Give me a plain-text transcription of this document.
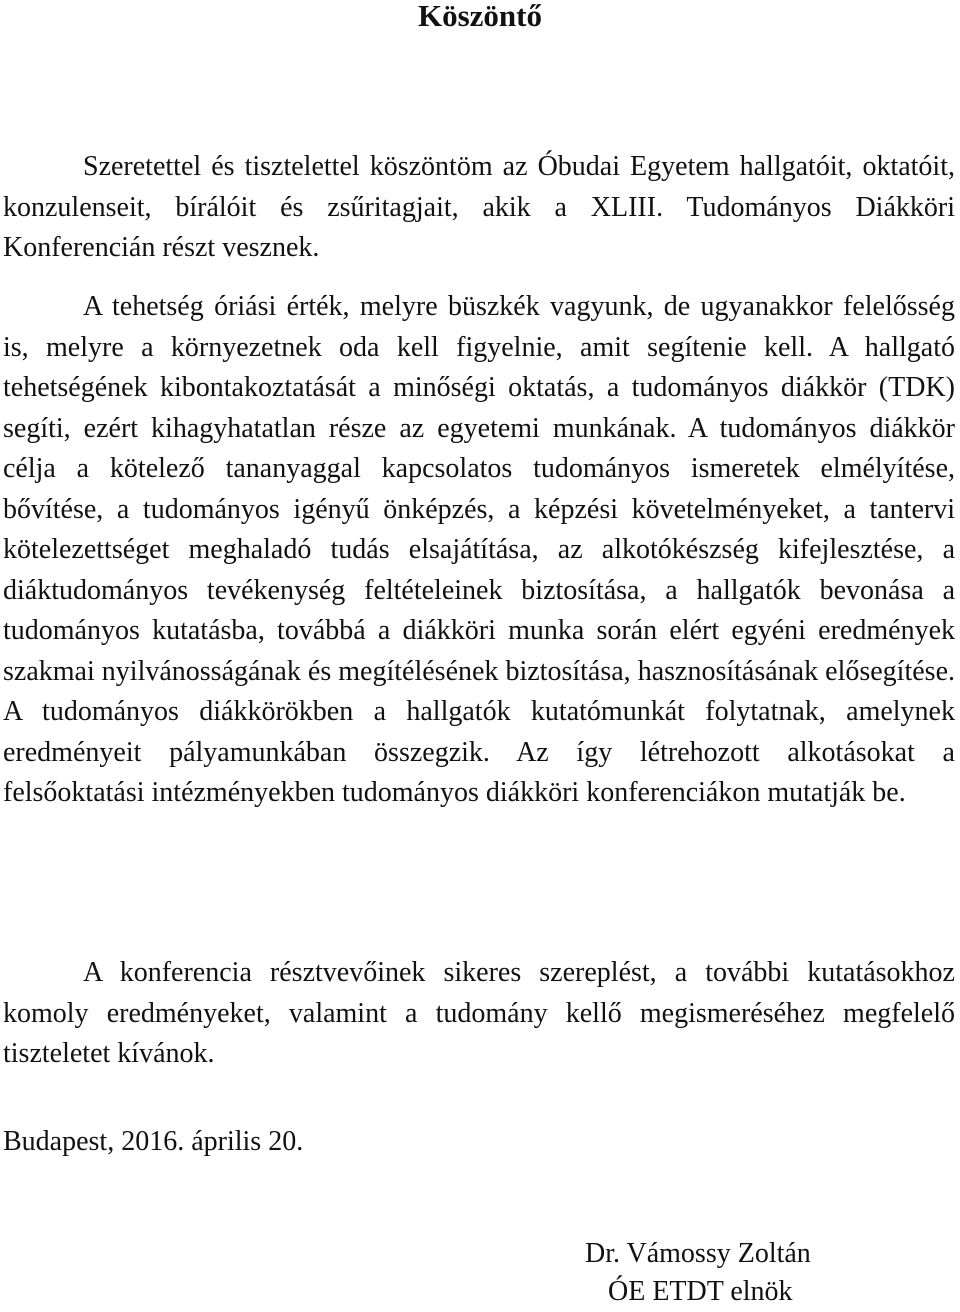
Köszöntő

Szeretettel és tisztelettel köszöntöm az Óbudai Egyetem hallgatóit, oktatóit, konzulenseit, bírálóit és zsűritagjait, akik a XLIII. Tudományos Diákköri Konferencián részt vesznek.

A tehetség óriási érték, melyre büszkék vagyunk, de ugyanakkor felelősség is, melyre a környezetnek oda kell figyelnie, amit segítenie kell. A hallgató tehetségének kibontakoztatását a minőségi oktatás, a tudományos diákkör (TDK) segíti, ezért kihagyhatatlan része az egyetemi munkának. A tudományos diákkör célja a kötelező tananyaggal kapcsolatos tudományos ismeretek elmélyítése, bővítése, a tudományos igényű önképzés, a képzési követelményeket, a tantervi kötelezettséget meghaladó tudás elsajátítása, az alkotókészség kifejlesztése, a diáktudományos tevékenység feltételeinek biztosítása, a hallgatók bevonása a tudományos kutatásba, továbbá a diákköri munka során elért egyéni eredmények szakmai nyilvánosságának és megítélésének biztosítása, hasznosításának elősegítése. A tudományos diákkörökben a hallgatók kutatómunkát folytatnak, amelynek eredményeit pályamunkában összegzik. Az így létrehozott alkotásokat a felsőoktatási intézményekben tudományos diákköri konferenciákon mutatják be.

A konferencia résztvevőinek sikeres szereplést, a további kutatásokhoz komoly eredményeket, valamint a tudomány kellő megismeréséhez megfelelő tiszteletet kívánok.

Budapest, 2016. április 20.

Dr. Vámossy Zoltán

ÓE ETDT elnök
